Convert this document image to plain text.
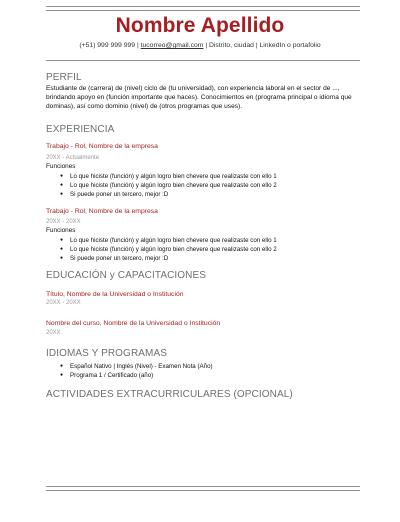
Nombre Apellido
(+51) 999 999 999 | tucorreo@gmail.com | Distrito, ciudad | LinkedIn o portafolio
PERFIL
Estudiante de (carrera) de (nivel) ciclo de (tu universidad), con experiencia laboral en el sector de ..., brindando apoyo en (función importante que haces). Conocimientos en (programa principal o idioma que dominas), así como dominio (nivel) de (otros programas que uses).
EXPERIENCIA
Trabajo - Rol, Nombre de la empresa
20XX - Actualmente
Funciones
● Lo que hiciste (función) y algún logro bien chevere que realizaste con ello 1
● Lo que hiciste (función) y algún logro bien chevere que realizaste con ello 2
● Si puede poner un tercero, mejor :D
Trabajo - Rol, Nombre de la empresa
20XX - 20XX
Funciones
● Lo que hiciste (función) y algún logro bien chevere que realizaste con ello 1
● Lo que hiciste (función) y algún logro bien chevere que realizaste con ello 2
● Si puede poner un tercero, mejor :D
EDUCACIÓN y CAPACITACIONES
Título, Nombre de la Universidad o Institución
20XX - 20XX
Nombre del curso, Nombre de la Universidad o Institución
20XX
IDIOMAS Y PROGRAMAS
● Español Nativo | Inglés (Nivel) - Examen Nota (Año)
● Programa 1 / Certificado (año)
ACTIVIDADES EXTRACURRICULARES (OPCIONAL)
